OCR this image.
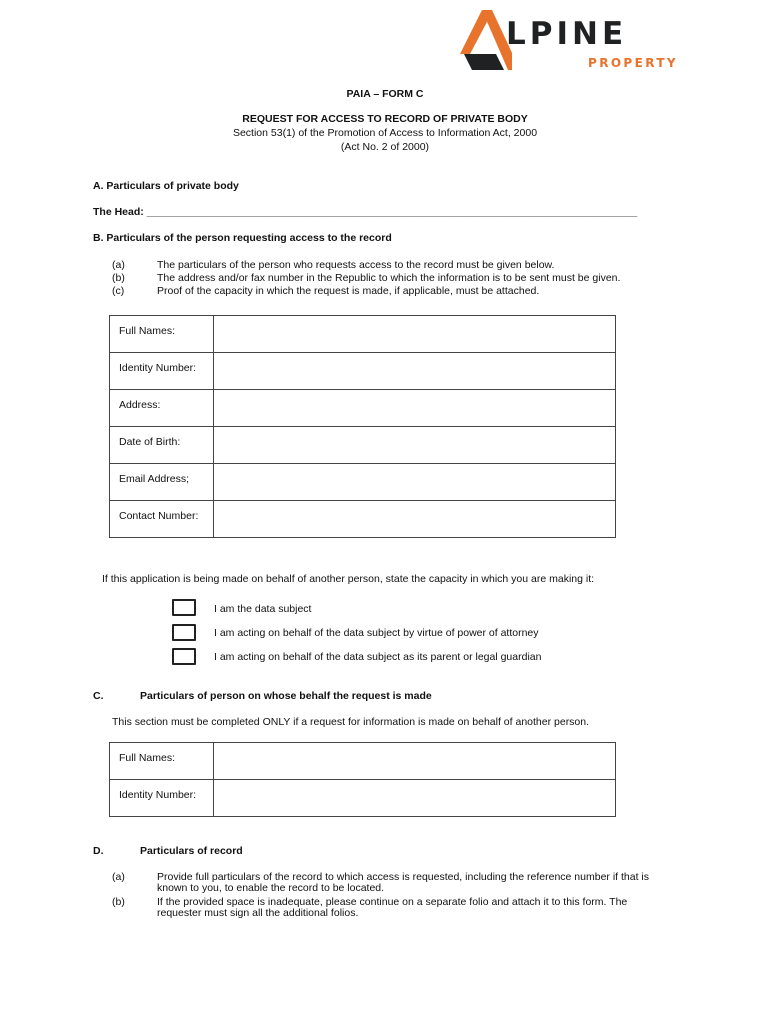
LPINE
PROPERTY
PAIA – FORM C
REQUEST FOR ACCESS TO RECORD OF PRIVATE BODY
Section 53(1) of the Promotion of Access to Information Act, 2000
(Act No. 2 of 2000)
A. Particulars of private body
The Head: ____________________________________________________________________________________
B. Particulars of the person requesting access to the record
(a)	The particulars of the person who requests access to the record must be given below.
(b)	The address and/or fax number in the Republic to which the information is to be sent must be given.
(c)	Proof of the capacity in which the request is made, if applicable, must be attached.
Full Names:	
Identity Number:	
Address:	
Date of Birth:	
Email Address;	
Contact Number:	
If this application is being made on behalf of another person, state the capacity in which you are making it:
I am the data subject
I am acting on behalf of the data subject by virtue of power of attorney
I am acting on behalf of the data subject as its parent or legal guardian
C.	Particulars of person on whose behalf the request is made
This section must be completed ONLY if a request for information is made on behalf of another person.
Full Names:	
Identity Number:	
D.	Particulars of record
(a)	Provide full particulars of the record to which access is requested, including the reference number if that is
known to you, to enable the record to be located.
(b)	If the provided space is inadequate, please continue on a separate folio and attach it to this form. The
requester must sign all the additional folios.
